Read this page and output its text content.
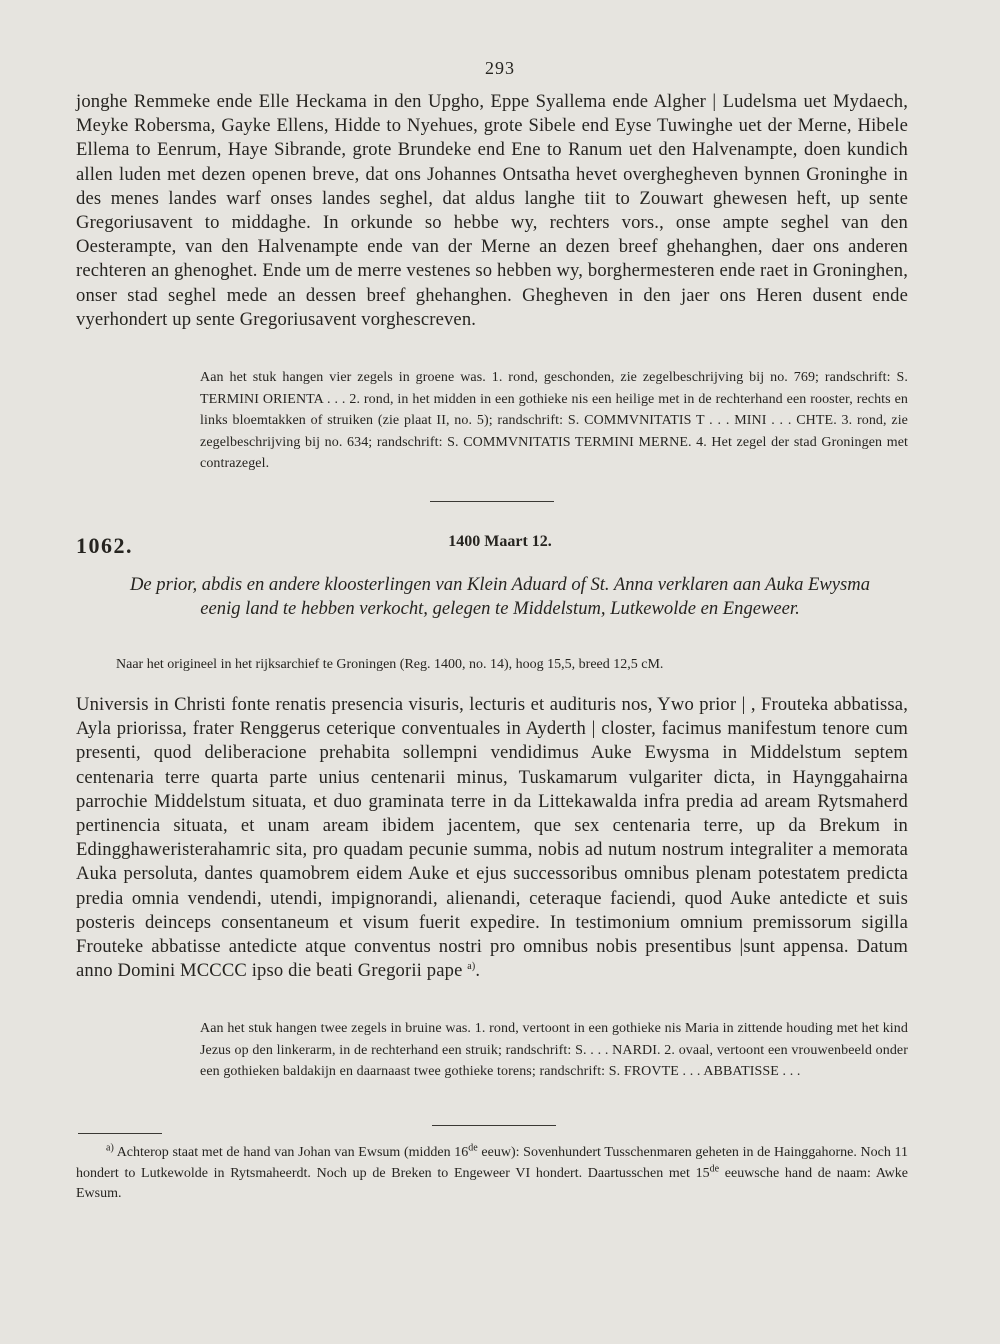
293

jonghe Remmeke ende Elle Heckama in den Upgho, Eppe Syallema ende Algher | Ludelsma uet Mydaech, Meyke Robersma, Gayke Ellens, Hidde to Nyehues, grote Sibele end Eyse Tuwinghe uet der Merne, Hibele Ellema to Eenrum, Haye Sibrande, grote Brundeke end Ene to Ranum uet den Halvenampte, doen kundich allen luden met dezen openen breve, dat ons Johannes Ontsatha hevet overghegheven bynnen Groninghe in des menes landes warf onses landes seghel, dat aldus langhe tiit to Zouwart ghewesen heft, up sente Gregoriusavent to middaghe. In orkunde so hebbe wy, rechters vors., onse ampte seghel van den Oesterampte, van den Halvenampte ende van der Merne an dezen breef ghehanghen, daer ons anderen rechteren an ghenoghet. Ende um de merre vestenes so hebben wy, borghermesteren ende raet in Groninghen, onser stad seghel mede an dessen breef ghehanghen. Ghegheven in den jaer ons Heren dusent ende vyerhondert up sente Gregoriusavent vorghescreven.

Aan het stuk hangen vier zegels in groene was. 1. rond, geschonden, zie zegelbeschrijving bij no. 769; randschrift: S. TERMINI ORIENTA . . . 2. rond, in het midden in een gothieke nis een heilige met in de rechterhand een rooster, rechts en links bloemtakken of struiken (zie plaat II, no. 5); randschrift: S. COMMVNITATIS T . . . MINI . . . CHTE. 3. rond, zie zegelbeschrijving bij no. 634; randschrift: S. COMMVNITATIS TERMINI MERNE. 4. Het zegel der stad Groningen met contrazegel.

1062.	1400 Maart 12.

De prior, abdis en andere kloosterlingen van Klein Aduard of St. Anna verklaren aan Auka Ewysma eenig land te hebben verkocht, gelegen te Middelstum, Lutkewolde en Engeweer.

Naar het origineel in het rijksarchief te Groningen (Reg. 1400, no. 14), hoog 15,5, breed 12,5 cM.

Universis in Christi fonte renatis presencia visuris, lecturis et audituris nos, Ywo prior | , Frouteka abbatissa, Ayla priorissa, frater Renggerus ceterique conventuales in Ayderth | closter, facimus manifestum tenore cum presenti, quod deliberacione prehabita sollempni vendidimus Auke Ewysma in Middelstum septem centenaria terre quarta parte unius centenarii minus, Tuskamarum vulgariter dicta, in Haynggahairna parrochie Middelstum situata, et duo graminata terre in da Littekawalda infra predia ad aream Rytsmaherd pertinencia situata, et unam aream ibidem jacentem, que sex centenaria terre, up da Brekum in Edingghaweristerahamric sita, pro quadam pecunie summa, nobis ad nutum nostrum integraliter a memorata Auka persoluta, dantes quamobrem eidem Auke et ejus successoribus omnibus plenam potestatem predicta predia omnia vendendi, utendi, impignorandi, alienandi, ceteraque faciendi, quod Auke antedicte et suis posteris deinceps consentaneum et visum fuerit expedire. In testimonium omnium premissorum sigilla Frouteke abbatisse antedicte atque conventus nostri pro omnibus nobis presentibus |sunt appensa. Datum anno Domini MCCCC ipso die beati Gregorii pape $^{a)}$.

Aan het stuk hangen twee zegels in bruine was. 1. rond, vertoont in een gothieke nis Maria in zittende houding met het kind Jezus op den linkerarm, in de rechterhand een struik; randschrift: S. . . . NARDI. 2. ovaal, vertoont een vrouwenbeeld onder een gothieken baldakijn en daarnaast twee gothieke torens; randschrift: S. FROVTE . . . ABBATISSE . . .

$^{a)}$ Achterop staat met de hand van Johan van Ewsum (midden 16de eeuw): Sovenhundert Tusschenmaren geheten in de Hainggahorne. Noch 11 hondert to Lutkewolde in Rytsmaheerdt. Noch up de Breken to Engeweer VI hondert. Daartusschen met 15de eeuwsche hand de naam: Awke Ewsum.
